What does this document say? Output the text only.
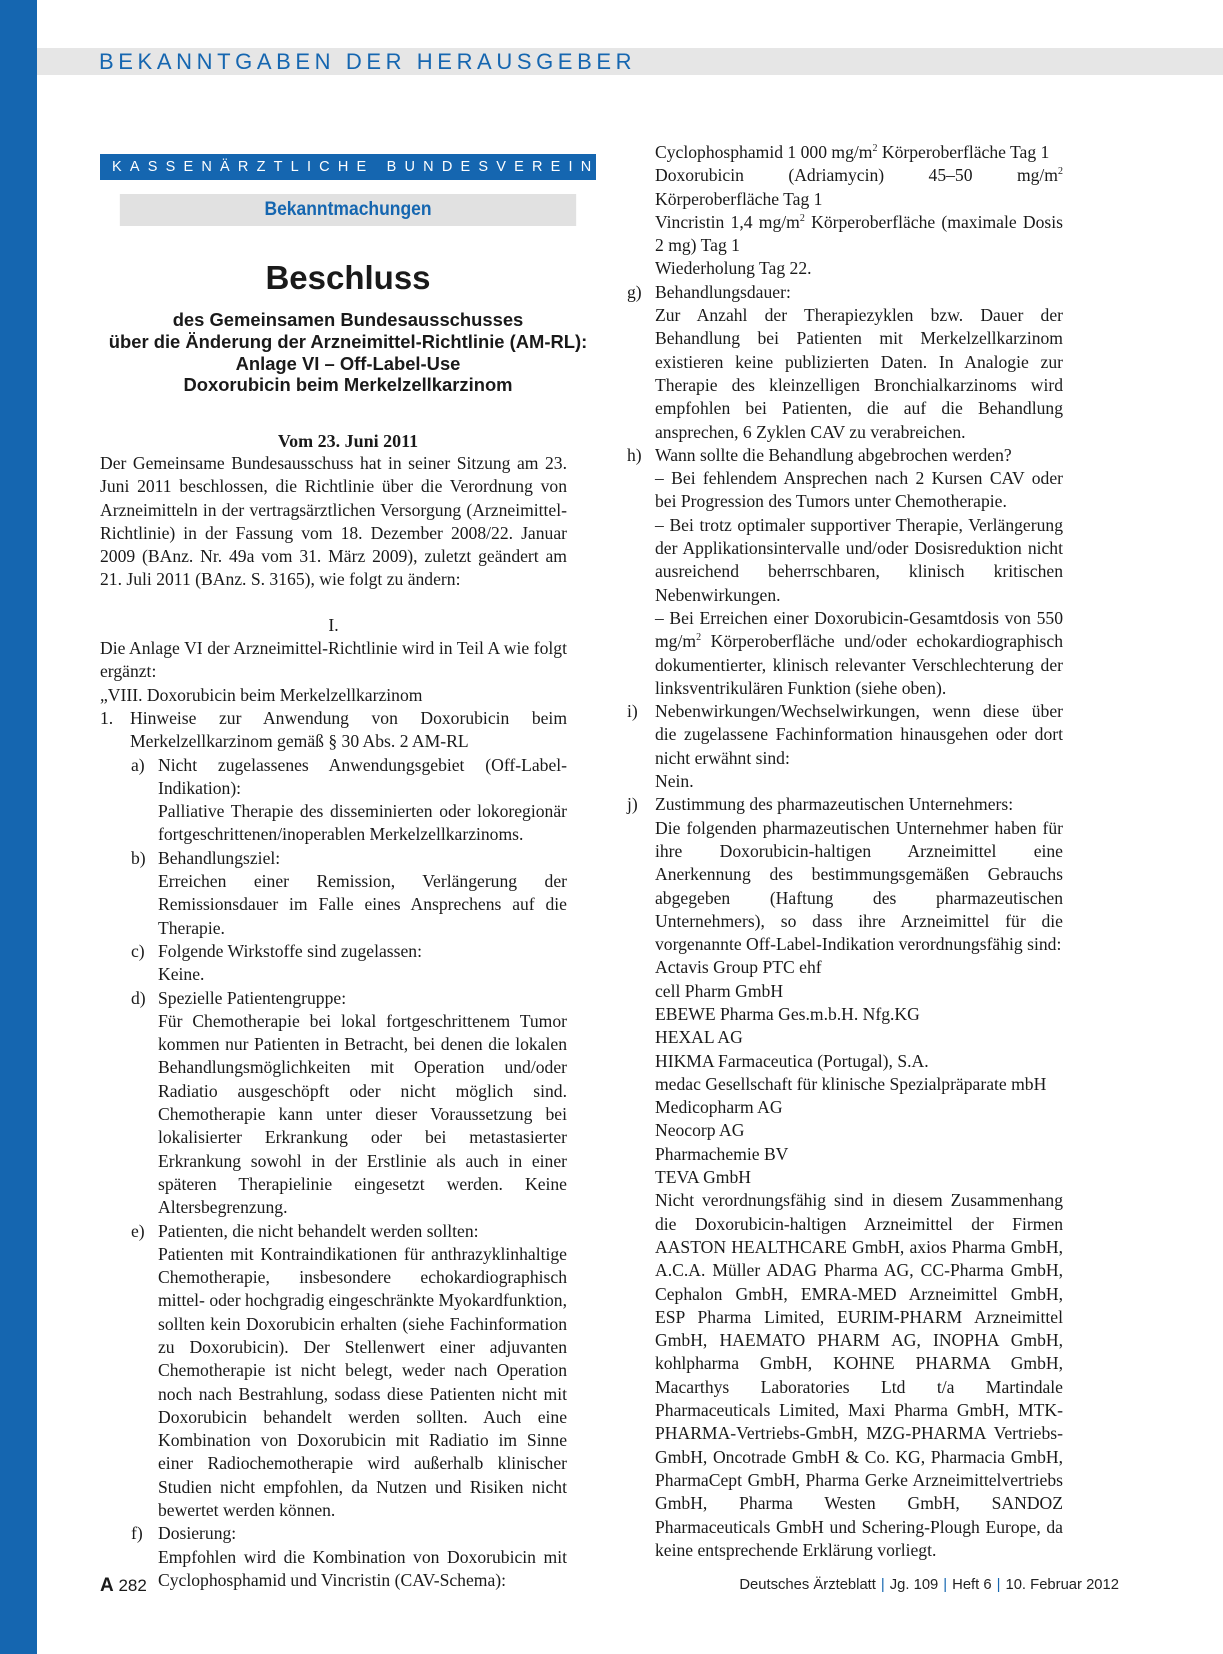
BEKANNTGABEN DER HERAUSGEBER
KASSENÄRZTLICHE BUNDESVEREINIGUNG
Bekanntmachungen
Beschluss
des Gemeinsamen Bundesausschusses
über die Änderung der Arzneimittel-Richtlinie (AM-RL):
Anlage VI – Off-Label-Use
Doxorubicin beim Merkelzellkarzinom
Vom 23. Juni 2011

Der Gemeinsame Bundesausschuss hat in seiner Sitzung am 23. Juni 2011 beschlossen, die Richtlinie über die Verordnung von Arzneimitteln in der vertragsärztlichen Versorgung (Arzneimittel-Richtlinie) in der Fassung vom 18. Dezember 2008/22. Januar 2009 (BAnz. Nr. 49a vom 31. März 2009), zuletzt geändert am 21. Juli 2011 (BAnz. S. 3165), wie folgt zu ändern:

I.

Die Anlage VI der Arzneimittel-Richtlinie wird in Teil A wie folgt ergänzt:

„VIII. Doxorubicin beim Merkelzellkarzinom

1. Hinweise zur Anwendung von Doxorubicin beim Merkelzellkarzinom gemäß § 30 Abs. 2 AM-RL

a) Nicht zugelassenes Anwendungsgebiet (Off-Label-Indikation):

Palliative Therapie des disseminierten oder lokoregionär fortgeschrittenen/inoperablen Merkelzellkarzinoms.

b) Behandlungsziel:

Erreichen einer Remission, Verlängerung der Remissionsdauer im Falle eines Ansprechens auf die Therapie.

c) Folgende Wirkstoffe sind zugelassen:

Keine.

d) Spezielle Patientengruppe:

Für Chemotherapie bei lokal fortgeschrittenem Tumor kommen nur Patienten in Betracht, bei denen die lokalen Behandlungsmöglichkeiten mit Operation und/oder Radiatio ausgeschöpft oder nicht möglich sind. Chemotherapie kann unter dieser Voraussetzung bei lokalisierter Erkrankung oder bei metastasierter Erkrankung sowohl in der Erstlinie als auch in einer späteren Therapielinie eingesetzt werden. Keine Altersbegrenzung.

e) Patienten, die nicht behandelt werden sollten:

Patienten mit Kontraindikationen für anthrazyklinhaltige Chemotherapie, insbesondere echokardiographisch mittel- oder hochgradig eingeschränkte Myokardfunktion, sollten kein Doxorubicin erhalten (siehe Fachinformation zu Doxorubicin). Der Stellenwert einer adjuvanten Chemotherapie ist nicht belegt, weder nach Operation noch nach Bestrahlung, sodass diese Patienten nicht mit Doxorubicin behandelt werden sollten. Auch eine Kombination von Doxorubicin mit Radiatio im Sinne einer Radiochemotherapie wird außerhalb klinischer Studien nicht empfohlen, da Nutzen und Risiken nicht bewertet werden können.

f) Dosierung:

Empfohlen wird die Kombination von Doxorubicin mit Cyclophosphamid und Vincristin (CAV-Schema):

Cyclophosphamid 1 000 $mg/m^2$ Körperoberfläche Tag 1

Doxorubicin (Adriamycin) 45–50 $mg/m^2$ Körperoberfläche Tag 1

Vincristin 1,4 $mg/m^2$ Körperoberfläche (maximale Dosis 2 mg) Tag 1

Wiederholung Tag 22.

g) Behandlungsdauer:

Zur Anzahl der Therapiezyklen bzw. Dauer der Behandlung bei Patienten mit Merkelzellkarzinom existieren keine publizierten Daten. In Analogie zur Therapie des kleinzelligen Bronchialkarzinoms wird empfohlen bei Patienten, die auf die Behandlung ansprechen, 6 Zyklen CAV zu verabreichen.

h) Wann sollte die Behandlung abgebrochen werden?

– Bei fehlendem Ansprechen nach 2 Kursen CAV oder bei Progression des Tumors unter Chemotherapie.

– Bei trotz optimaler supportiver Therapie, Verlängerung der Applikationsintervalle und/oder Dosisreduktion nicht ausreichend beherrschbaren, klinisch kritischen Nebenwirkungen.

– Bei Erreichen einer Doxorubicin-Gesamtdosis von 550 $mg/m^2$ Körperoberfläche und/oder echokardiographisch dokumentierter, klinisch relevanter Verschlechterung der linksventrikulären Funktion (siehe oben).

i) Nebenwirkungen/Wechselwirkungen, wenn diese über die zugelassene Fachinformation hinausgehen oder dort nicht erwähnt sind:

Nein.

j) Zustimmung des pharmazeutischen Unternehmers:

Die folgenden pharmazeutischen Unternehmer haben für ihre Doxorubicin-haltigen Arzneimittel eine Anerkennung des bestimmungsgemäßen Gebrauchs abgegeben (Haftung des pharmazeutischen Unternehmers), so dass ihre Arzneimittel für die vorgenannte Off-Label-Indikation verordnungsfähig sind:

Actavis Group PTC ehf

cell Pharm GmbH

EBEWE Pharma Ges.m.b.H. Nfg.KG

HEXAL AG

HIKMA Farmaceutica (Portugal), S.A.

medac Gesellschaft für klinische Spezialpräparate mbH

Medicopharm AG

Neocorp AG

Pharmachemie BV

TEVA GmbH

Nicht verordnungsfähig sind in diesem Zusammenhang die Doxorubicin-haltigen Arzneimittel der Firmen AASTON HEALTHCARE GmbH, axios Pharma GmbH, A.C.A. Müller ADAG Pharma AG, CC-Pharma GmbH, Cephalon GmbH, EMRA-MED Arzneimittel GmbH, ESP Pharma Limited, EURIM-PHARM Arzneimittel GmbH, HAEMATO PHARM AG, INOPHA GmbH, kohlpharma GmbH, KOHNE PHARMA GmbH, Macarthys Laboratories Ltd t/a Martindale Pharmaceuticals Limited, Maxi Pharma GmbH, MTK-PHARMA-Vertriebs-GmbH, MZG-PHARMA Vertriebs-GmbH, Oncotrade GmbH & Co. KG, Pharmacia GmbH, PharmaCept GmbH, Pharma Gerke Arzneimittelvertriebs GmbH, Pharma Westen GmbH, SANDOZ Pharmaceuticals GmbH und Schering-Plough Europe, da keine entsprechende Erklärung vorliegt.

A 282	Deutsches Ärzteblatt | Jg. 109 | Heft 6 | 10. Februar 2012
